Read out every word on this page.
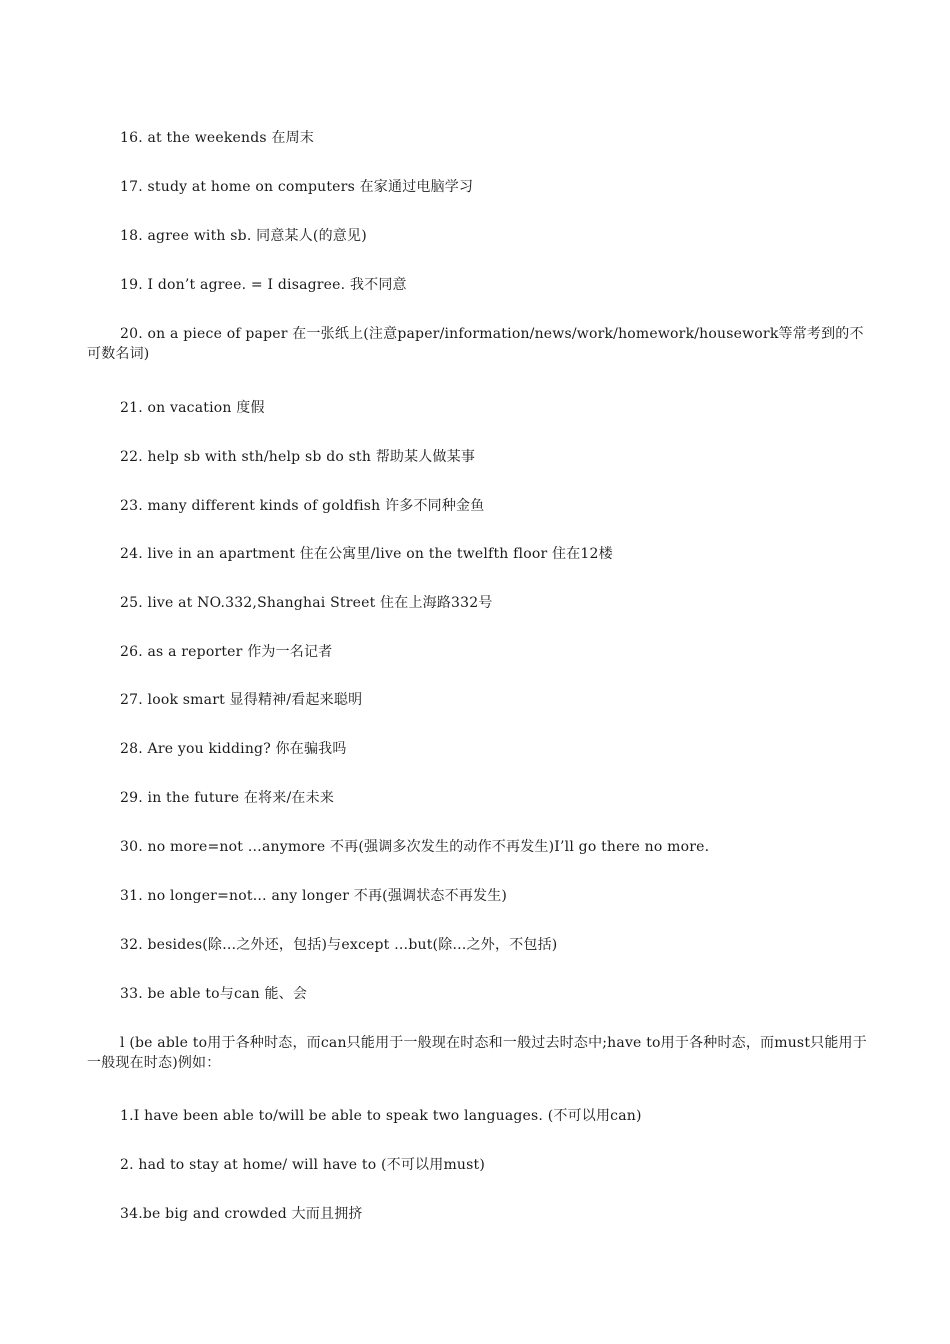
16. at the weekends 在周末
17. study at home on computers 在家通过电脑学习
18. agree with sb. 同意某人(的意见)
19. I don’t agree. = I disagree. 我不同意
20. on a piece of paper 在一张纸上(注意paper/information/news/work/homework/housework等常考到的不可数名词)
21. on vacation 度假
22. help sb with sth/help sb do sth 帮助某人做某事
23. many different kinds of goldfish 许多不同种金鱼
24. live in an apartment 住在公寓里/live on the twelfth floor 住在12楼
25. live at NO.332,Shanghai Street 住在上海路332号
26. as a reporter 作为一名记者
27. look smart 显得精神/看起来聪明
28. Are you kidding? 你在骗我吗
29. in the future 在将来/在未来
30. no more=not …anymore 不再(强调多次发生的动作不再发生)I’ll go there no more.
31. no longer=not… any longer 不再(强调状态不再发生)
32. besides(除…之外还，包括)与except …but(除…之外，不包括)
33. be able to与can 能、会
l (be able to用于各种时态，而can只能用于一般现在时态和一般过去时态中;have to用于各种时态，而must只能用于一般现在时态)例如：
1.I have been able to/will be able to speak two languages. (不可以用can)
2. had to stay at home/ will have to (不可以用must)
34.be big and crowded 大而且拥挤
